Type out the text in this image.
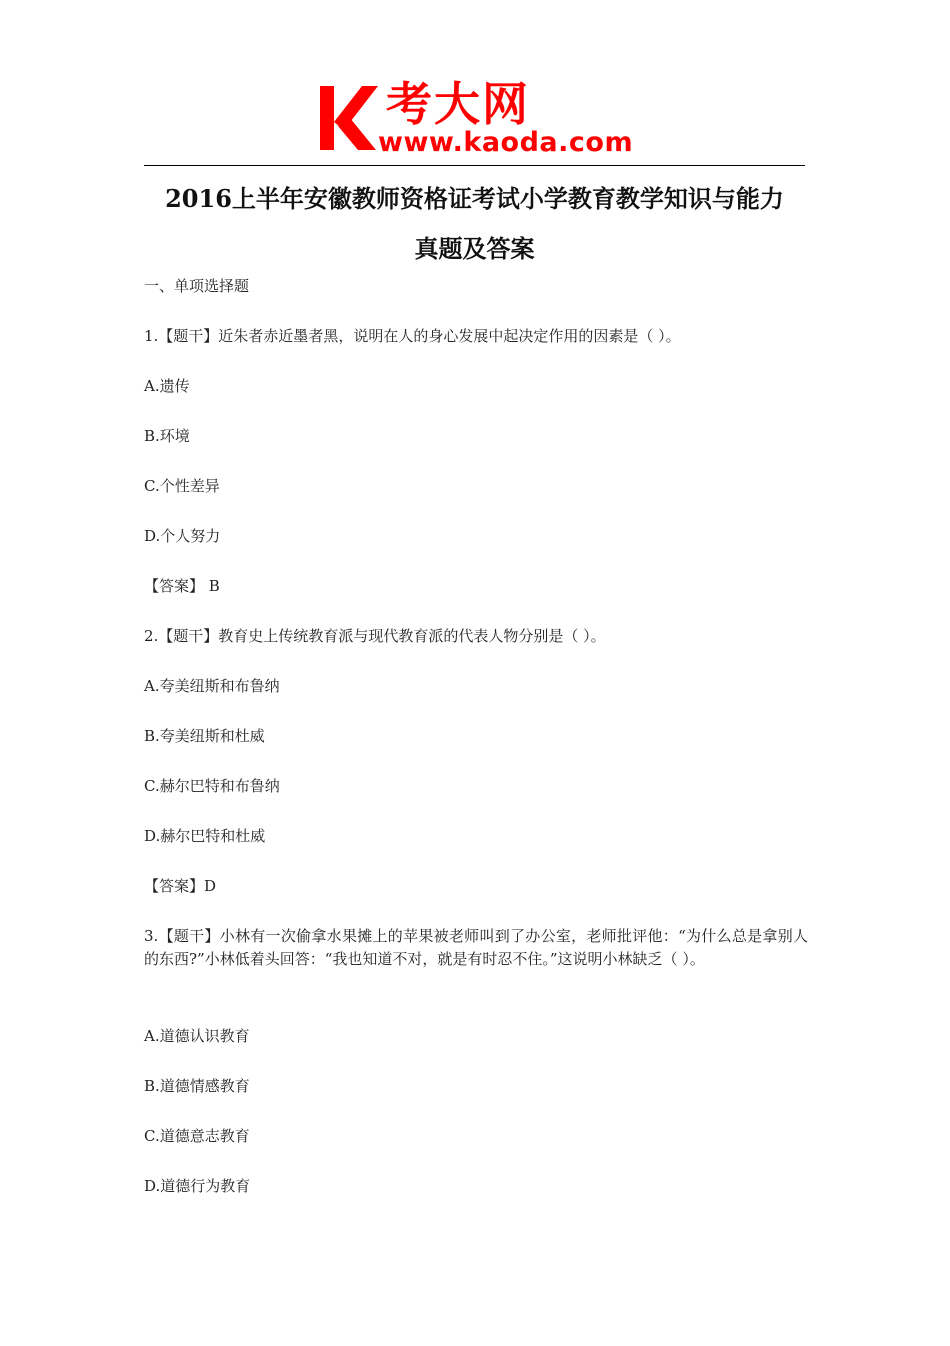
考大网
www.kaoda.com
2016上半年安徽教师资格证考试小学教育教学知识与能力
真题及答案
一、单项选择题
1.【题干】近朱者赤近墨者黑，说明在人的身心发展中起决定作用的因素是（ ）。
A.遗传
B.环境
C.个性差异
D.个人努力
【答案】 B
2.【题干】教育史上传统教育派与现代教育派的代表人物分别是（ ）。
A.夸美纽斯和布鲁纳
B.夸美纽斯和杜威
C.赫尔巴特和布鲁纳
D.赫尔巴特和杜威
【答案】D
3.【题干】小林有一次偷拿水果摊上的苹果被老师叫到了办公室，老师批评他：“为什么总是拿别人的东西?”小林低着头回答：“我也知道不对，就是有时忍不住。”这说明小林缺乏（ ）。
A.道德认识教育
B.道德情感教育
C.道德意志教育
D.道德行为教育
